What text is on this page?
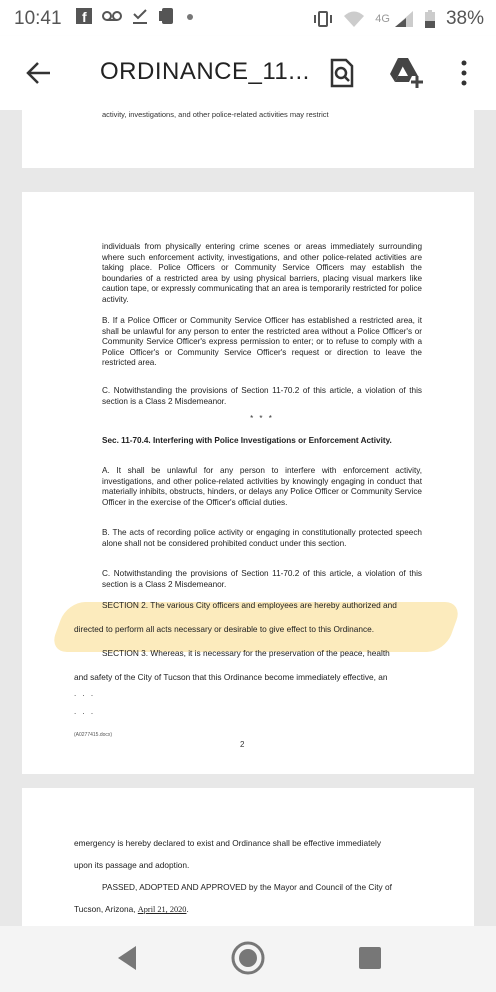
10:41 f	4G	38%
ORDINANCE_11...

activity, investigations, and other police-related activities may restrict

individuals from physically entering crime scenes or areas immediately surrounding where such enforcement activity, investigations, and other police-related activities are taking place. Police Officers or Community Service Officers may establish the boundaries of a restricted area by using physical barriers, placing visual markers like caution tape, or expressly communicating that an area is temporarily restricted for police activity.

B. If a Police Officer or Community Service Officer has established a restricted area, it shall be unlawful for any person to enter the restricted area without a Police Officer's or Community Service Officer's express permission to enter; or to refuse to comply with a Police Officer's or Community Service Officer's request or direction to leave the restricted area.

C. Notwithstanding the provisions of Section 11-70.2 of this article, a violation of this section is a Class 2 Misdemeanor.

* * *

Sec. 11-70.4. Interfering with Police Investigations or Enforcement Activity.

A. It shall be unlawful for any person to interfere with enforcement activity, investigations, and other police-related activities by knowingly engaging in conduct that materially inhibits, obstructs, hinders, or delays any Police Officer or Community Service Officer in the exercise of the Officer's official duties.

B. The acts of recording police activity or engaging in constitutionally protected speech alone shall not be considered prohibited conduct under this section.

C. Notwithstanding the provisions of Section 11-70.2 of this article, a violation of this section is a Class 2 Misdemeanor.

SECTION 2. The various City officers and employees are hereby authorized and

directed to perform all acts necessary or desirable to give effect to this Ordinance.

SECTION 3. Whereas, it is necessary for the preservation of the peace, health

and safety of the City of Tucson that this Ordinance become immediately effective, an

. . .
. . .
(A0277415.docx)
2

emergency is hereby declared to exist and Ordinance shall be effective immediately

upon its passage and adoption.

PASSED, ADOPTED AND APPROVED by the Mayor and Council of the City of

Tucson, Arizona, April 21, 2020.
